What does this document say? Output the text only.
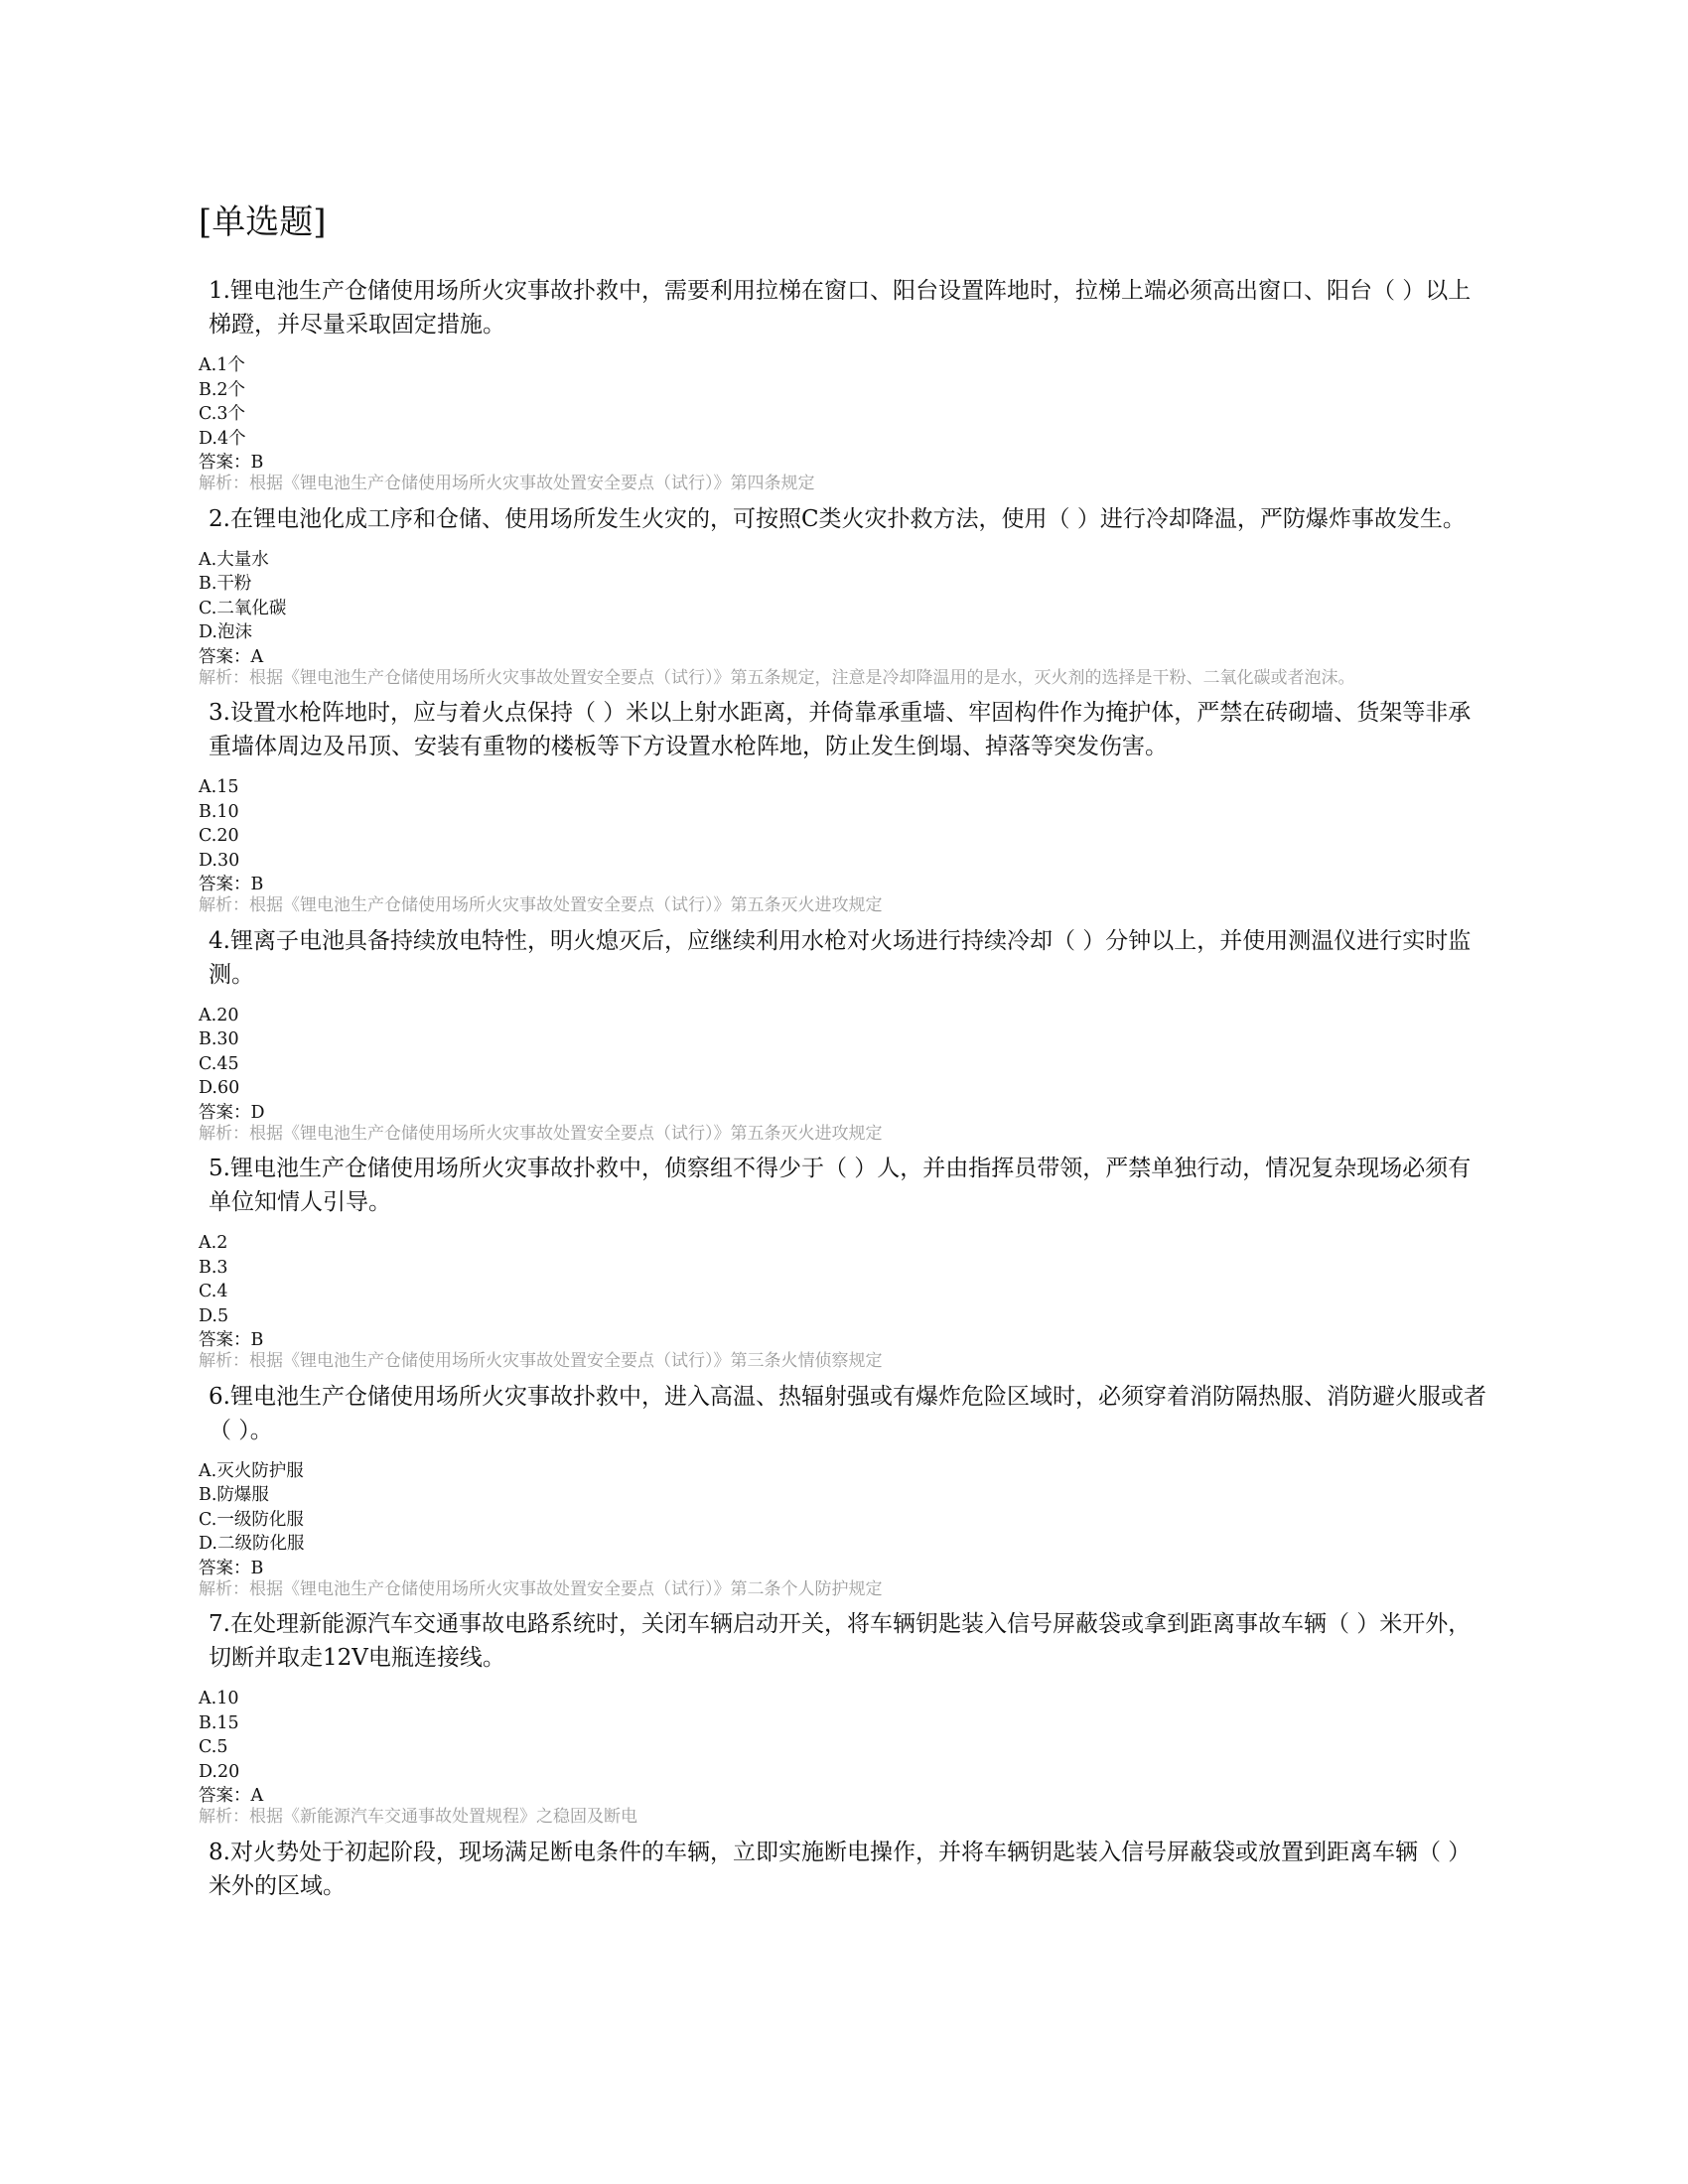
[单选题]

1.锂电池生产仓储使用场所火灾事故扑救中，需要利用拉梯在窗口、阳台设置阵地时，拉梯上端必须高出窗口、阳台（ ）以上梯蹬，并尽量采取固定措施。

A.1个

B.2个

C.3个

D.4个

答案：B

解析：根据《锂电池生产仓储使用场所火灾事故处置安全要点（试行）》第四条规定

2.在锂电池化成工序和仓储、使用场所发生火灾的，可按照C类火灾扑救方法，使用（ ）进行冷却降温，严防爆炸事故发生。

A.大量水

B.干粉

C.二氧化碳

D.泡沫

答案：A

解析：根据《锂电池生产仓储使用场所火灾事故处置安全要点（试行）》第五条规定，注意是冷却降温用的是水，灭火剂的选择是干粉、二氧化碳或者泡沫。

3.设置水枪阵地时，应与着火点保持（ ）米以上射水距离，并倚靠承重墙、牢固构件作为掩护体，严禁在砖砌墙、货架等非承重墙体周边及吊顶、安装有重物的楼板等下方设置水枪阵地，防止发生倒塌、掉落等突发伤害。

A.15

B.10

C.20

D.30

答案：B

解析：根据《锂电池生产仓储使用场所火灾事故处置安全要点（试行）》第五条灭火进攻规定

4.锂离子电池具备持续放电特性，明火熄灭后，应继续利用水枪对火场进行持续冷却（ ）分钟以上，并使用测温仪进行实时监测。

A.20

B.30

C.45

D.60

答案：D

解析：根据《锂电池生产仓储使用场所火灾事故处置安全要点（试行）》第五条灭火进攻规定

5.锂电池生产仓储使用场所火灾事故扑救中，侦察组不得少于（ ）人，并由指挥员带领，严禁单独行动，情况复杂现场必须有单位知情人引导。

A.2

B.3

C.4

D.5

答案：B

解析：根据《锂电池生产仓储使用场所火灾事故处置安全要点（试行）》第三条火情侦察规定

6.锂电池生产仓储使用场所火灾事故扑救中，进入高温、热辐射强或有爆炸危险区域时，必须穿着消防隔热服、消防避火服或者（ ）。

A.灭火防护服

B.防爆服

C.一级防化服

D.二级防化服

答案：B

解析：根据《锂电池生产仓储使用场所火灾事故处置安全要点（试行）》第二条个人防护规定

7.在处理新能源汽车交通事故电路系统时，关闭车辆启动开关，将车辆钥匙装入信号屏蔽袋或拿到距离事故车辆（ ）米开外，切断并取走12V电瓶连接线。

A.10

B.15

C.5

D.20

答案：A

解析：根据《新能源汽车交通事故处置规程》之稳固及断电

8.对火势处于初起阶段，现场满足断电条件的车辆，立即实施断电操作，并将车辆钥匙装入信号屏蔽袋或放置到距离车辆（ ）米外的区域。
